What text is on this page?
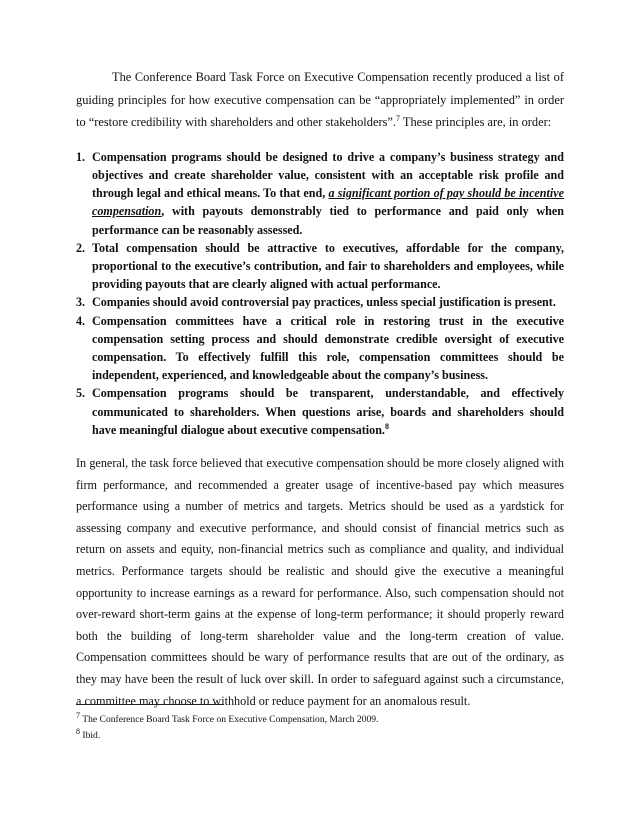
The Conference Board Task Force on Executive Compensation recently produced a list of guiding principles for how executive compensation can be “appropriately implemented” in order to “restore credibility with shareholders and other stakeholders”.$^7$ These principles are, in order:

1. Compensation programs should be designed to drive a company’s business strategy and objectives and create shareholder value, consistent with an acceptable risk profile and through legal and ethical means. To that end, a significant portion of pay should be incentive compensation, with payouts demonstrably tied to performance and paid only when performance can be reasonably assessed.
2. Total compensation should be attractive to executives, affordable for the company, proportional to the executive’s contribution, and fair to shareholders and employees, while providing payouts that are clearly aligned with actual performance.
3. Companies should avoid controversial pay practices, unless special justification is present.
4. Compensation committees have a critical role in restoring trust in the executive compensation setting process and should demonstrate credible oversight of executive compensation. To effectively fulfill this role, compensation committees should be independent, experienced, and knowledgeable about the company’s business.
5. Compensation programs should be transparent, understandable, and effectively communicated to shareholders. When questions arise, boards and shareholders should have meaningful dialogue about executive compensation.$^8$

In general, the task force believed that executive compensation should be more closely aligned with firm performance, and recommended a greater usage of incentive-based pay which measures performance using a number of metrics and targets. Metrics should be used as a yardstick for assessing company and executive performance, and should consist of financial metrics such as return on assets and equity, non-financial metrics such as compliance and quality, and individual metrics. Performance targets should be realistic and should give the executive a meaningful opportunity to increase earnings as a reward for performance. Also, such compensation should not over-reward short-term gains at the expense of long-term performance; it should properly reward both the building of long-term shareholder value and the long-term creation of value. Compensation committees should be wary of performance results that are out of the ordinary, as they may have been the result of luck over skill. In order to safeguard against such a circumstance, a committee may choose to withhold or reduce payment for an anomalous result.

$^7$ The Conference Board Task Force on Executive Compensation, March 2009.
$^8$ Ibid.
